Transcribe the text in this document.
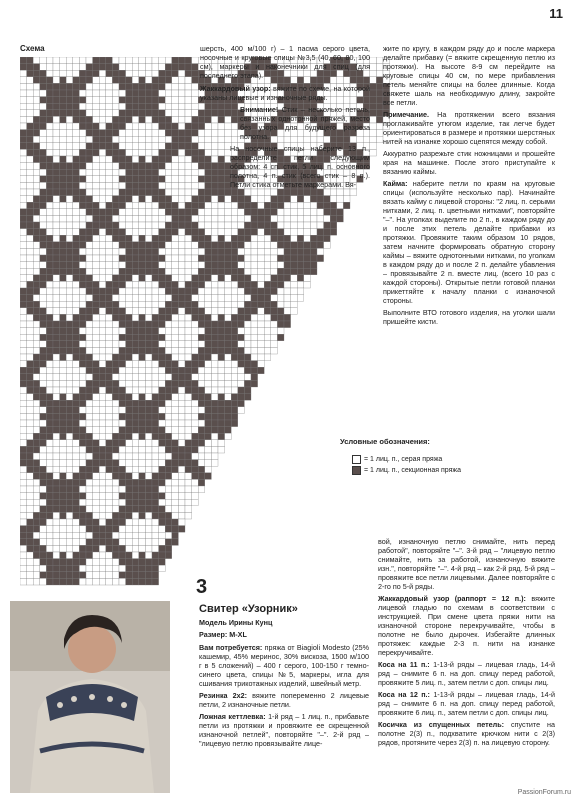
11
Схема	шерсть, 400 м/100 г) – 1 пасма серого цвета, носочные и круговые спицы №3,5 (40, 60, 80, 100 см), маркеры и наконечники для спиц (для последнего этапа).
Жаккардовый узор: вяжите по схеме, на которой указаны лицевые и изнаночные ряды.
Внимание! Стик – несколько петель, связанных однотонной пряжей, место без узора для будущего разреза полотна.
На носочные спицы наберите 13 п., распределите петли следующим образом: 4 сп. стик, 5 лиц. п. основного полотна, 4 п. стик (всего стик – 8 п.). Петли стика отметьте маркерами. Вя-
жите по кругу, в каждом ряду до и после маркера делайте прибавку (= вяжите скрещенную петлю из протяжки). На высоте 8-9 см перейдите на круговые спицы 40 см, по мере прибавления петель меняйте спицы на более длинные. Когда свяжете шаль на необходимую длину, закройте все петли.
Примечание. На протяжении всего вязания проглаживайте утюгом изделие, так легче будет ориентироваться в размере и протяжки шерстяных нитей на изнанке хорошо сцепятся между собой.
Аккуратно разрежьте стик ножницами и прошейте края на машинке. После этого приступайте к вязанию каймы.
Кайма: наберите петли по краям на круговые спицы (используйте несколько пар). Начинайте вязать кайму с лицевой стороны: "2 лиц. п. серыми нитками, 2 лиц. п. цветными нитками", повторяйте "–". На уголках выделите по 2 п., в каждом ряду до и после этих петель делайте прибавки из протяжки. Провяжите таким образом 10 рядов, затем начните формировать обратную сторону каймы – вяжите однотонными нитками, по уголкам в каждом ряду до и после 2 п. делайте убавления – провязывайте 2 п. вместе лиц. (всего 10 раз с каждой стороны). Открытые петли готовой планки прикеттяйте к началу планки с изнаночной стороны.
Выполните ВТО готового изделия, на уголки шали пришейте кисти.
Условные обозначения:
= 1 лиц. п., серая пряжа
= 1 лиц. п., секционная пряжа
3
Свитер «Узорник»
Модель Ирины Кунц
Размер: M-XL
Вам потребуется: пряжа от Biagioli Modesto (25% кашемир, 45% меринос, 30% вискоза, 1500 м/100 г в 5 сложений) – 400 г серого, 100-150 г темно-синего цвета, спицы №5, маркеры, игла для сшивания трикотажных изделий, швейный метр.
Резинка 2х2: вяжите попеременно 2 лицевые петли, 2 изнаночные петли.
Ложная кеттлевка: 1-й ряд – 1 лиц. п., прибавьте петли из протяжки и провяжите ее скрещенной изнаночной петлей", повторяйте "–". 2-й ряд – "лицевую петлю провязывайте лице-
вой, изнаночную петлю снимайте, нить перед работой", повторяйте "–". 3-й ряд – "лицевую петлю снимайте, нить за работой, изнаночную вяжите изн.", повторяйте "–". 4-й ряд – как 2-й ряд. 5-й ряд – провяжите все петли лицевыми. Далее повторяйте с 2-го по 5-й ряды.
Жаккардовый узор (раппорт = 12 п.): вяжите лицевой гладью по схемам в соответствии с инструкцией. При смене цвета пряжи нити на изнаночной стороне перекручивайте, чтобы в полотне не было дырочек. Избегайте длинных протяжек: каждые 2-3 п. нити на изнанке перекручивайте.
Коса на 11 п.: 1-13-й ряды – лицевая гладь, 14-й ряд – снимите 6 п. на доп. спицу перед работой, провяжите 5 лиц. п., затем петли с доп. спицы лиц.
Коса на 12 п.: 1-13-й ряды – лицевая гладь, 14-й ряд – снимите 6 п. на доп. спицу перед работой, провяжите 6 лиц. п., затем петли с доп. спицы лиц.
Косичка из спущенных петель: спустите на полотне 2(3) п., подхватите крючком нити с 2(3) рядов, протяните через 2(3) п. на лицевую сторону.
PassionForum.ru
